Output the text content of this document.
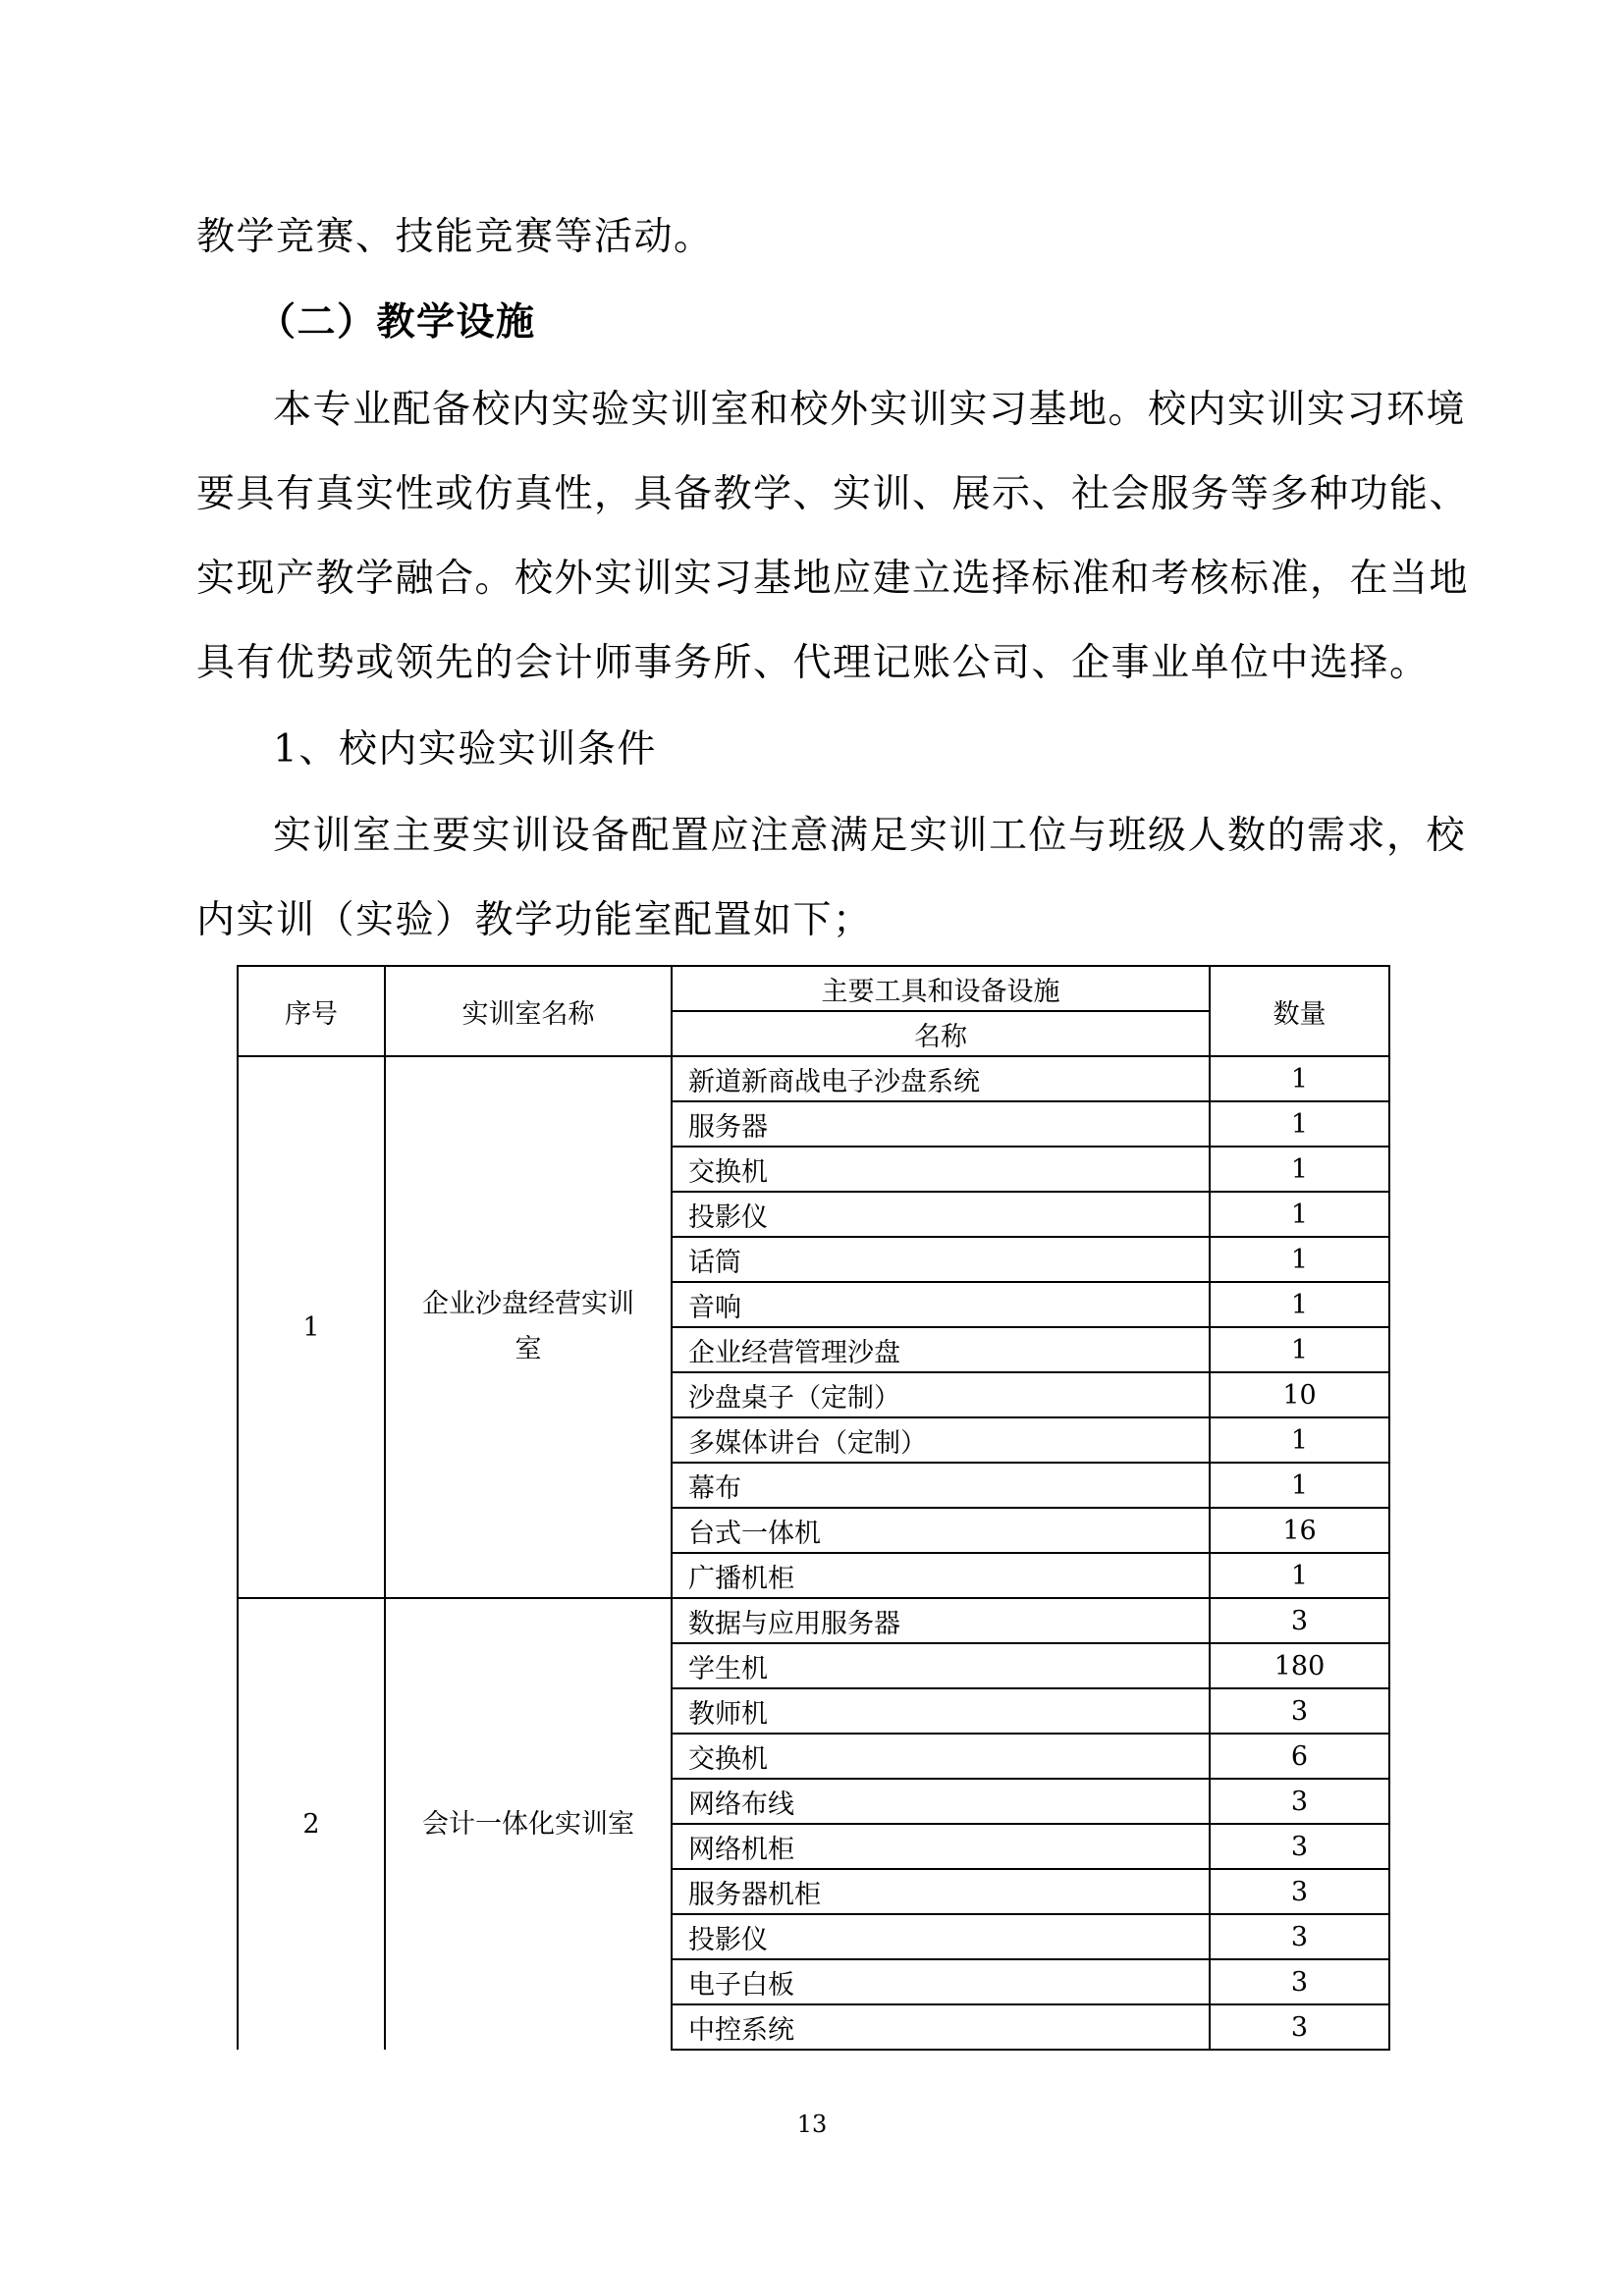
教学竞赛、技能竞赛等活动。
（二）教学设施
本专业配备校内实验实训室和校外实训实习基地。校内实训实习环境
要具有真实性或仿真性，具备教学、实训、展示、社会服务等多种功能、
实现产教学融合。校外实训实习基地应建立选择标准和考核标准，在当地
具有优势或领先的会计师事务所、代理记账公司、企事业单位中选择。
1、校内实验实训条件
实训室主要实训设备配置应注意满足实训工位与班级人数的需求，校
内实训（实验）教学功能室配置如下；
序号	实训室名称	主要工具和设备设施	数量
		名称	
1	企业沙盘经营实训
室	新道新商战电子沙盘系统	1
		服务器	1
		交换机	1
		投影仪	1
		话筒	1
		音响	1
		企业经营管理沙盘	1
		沙盘桌子（定制）	10
		多媒体讲台（定制）	1
		幕布	1
		台式一体机	16
		广播机柜	1
2	会计一体化实训室	数据与应用服务器	3
		学生机	180
		教师机	3
		交换机	6
		网络布线	3
		网络机柜	3
		服务器机柜	3
		投影仪	3
		电子白板	3
		中控系统	3
13
